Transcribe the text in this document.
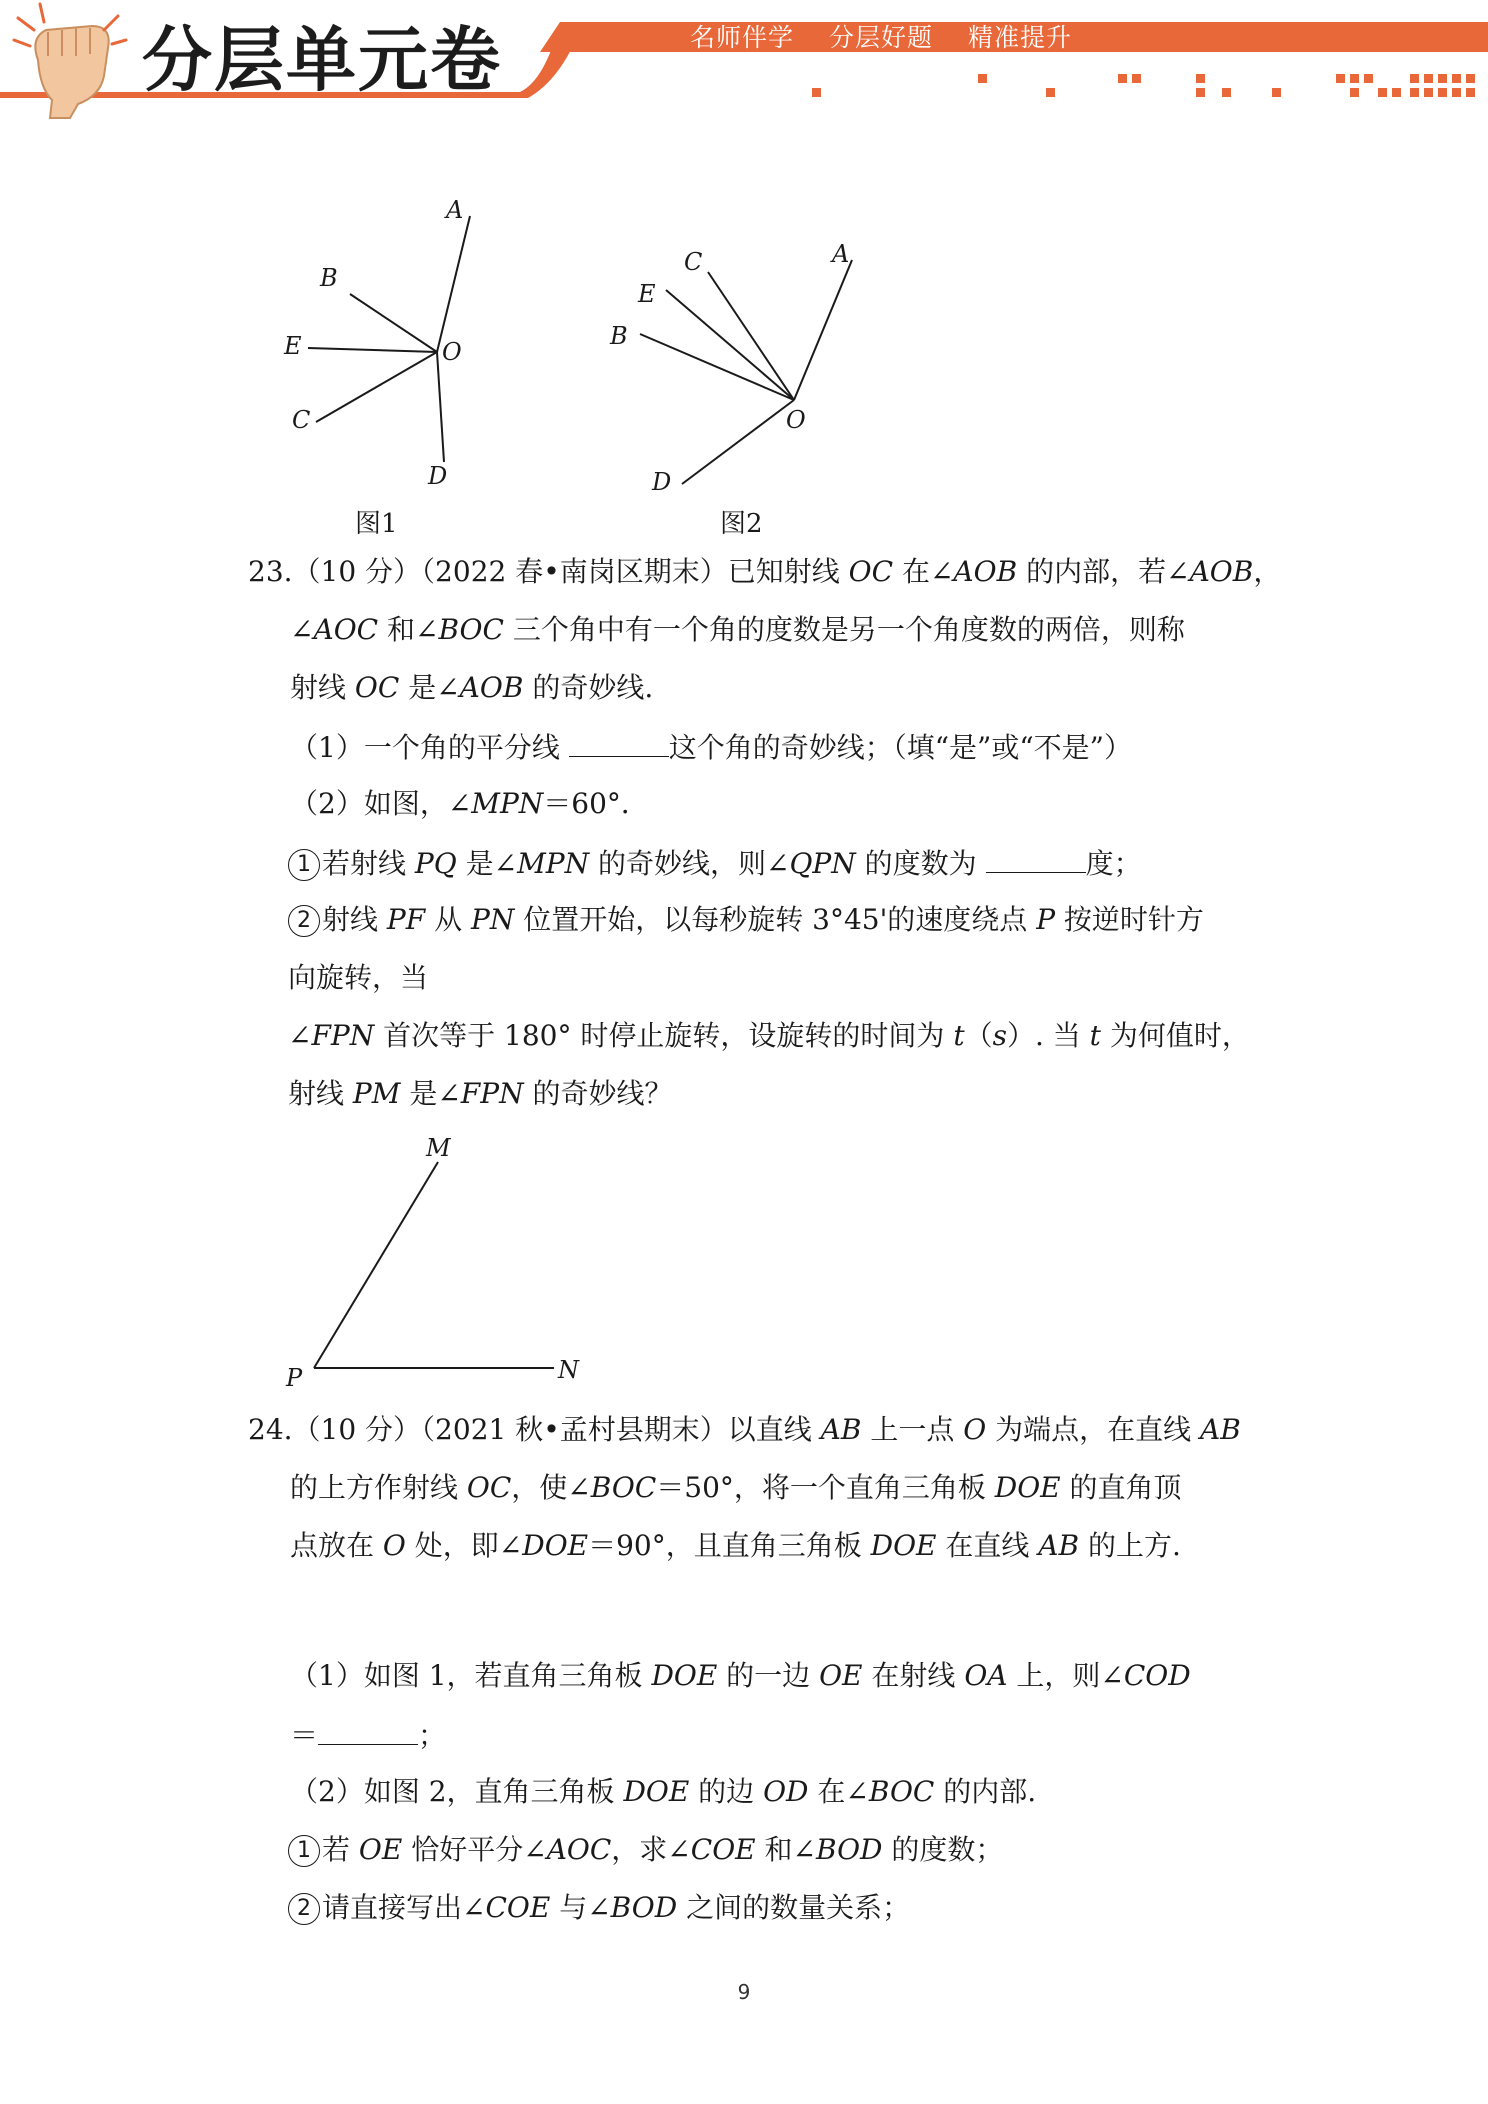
分层单元卷	名师伴学 分层好题 精准提升
A
B
E	O
C
D
图1
A
C
E
B
O
D
图2
23.（10 分）（2022 春•南岗区期末）已知射线 OC 在∠AOB 的内部，若∠AOB，
∠AOC 和∠BOC 三个角中有一个角的度数是另一个角度数的两倍，则称
射线 OC 是∠AOB 的奇妙线.
（1）一个角的平分线	这个角的奇妙线；（填“是”或“不是”）
（2）如图，∠MPN＝60°．
1 若射线 PQ 是∠MPN 的奇妙线，则∠QPN 的度数为	度；
2 射线 PF 从 PN 位置开始，以每秒旋转 3°45'的速度绕点 P 按逆时针方
向旋转，当
∠FPN 首次等于 180° 时停止旋转，设旋转的时间为 t（s）. 当 t 为何值时，
射线 PM 是∠FPN 的奇妙线？
M
P	N
24.（10 分）（2021 秋•孟村县期末）以直线 AB 上一点 O 为端点，在直线 AB
的上方作射线 OC，使∠BOC＝50°，将一个直角三角板 DOE 的直角顶
点放在 O 处，即∠DOE＝90°，且直角三角板 DOE 在直线 AB 的上方.
（1）如图 1，若直角三角板 DOE 的一边 OE 在射线 OA 上，则∠COD
＝	；
（2）如图 2，直角三角板 DOE 的边 OD 在∠BOC 的内部.
1 若 OE 恰好平分∠AOC，求∠COE 和∠BOD 的度数；
2 请直接写出∠COE 与∠BOD 之间的数量关系；
9
